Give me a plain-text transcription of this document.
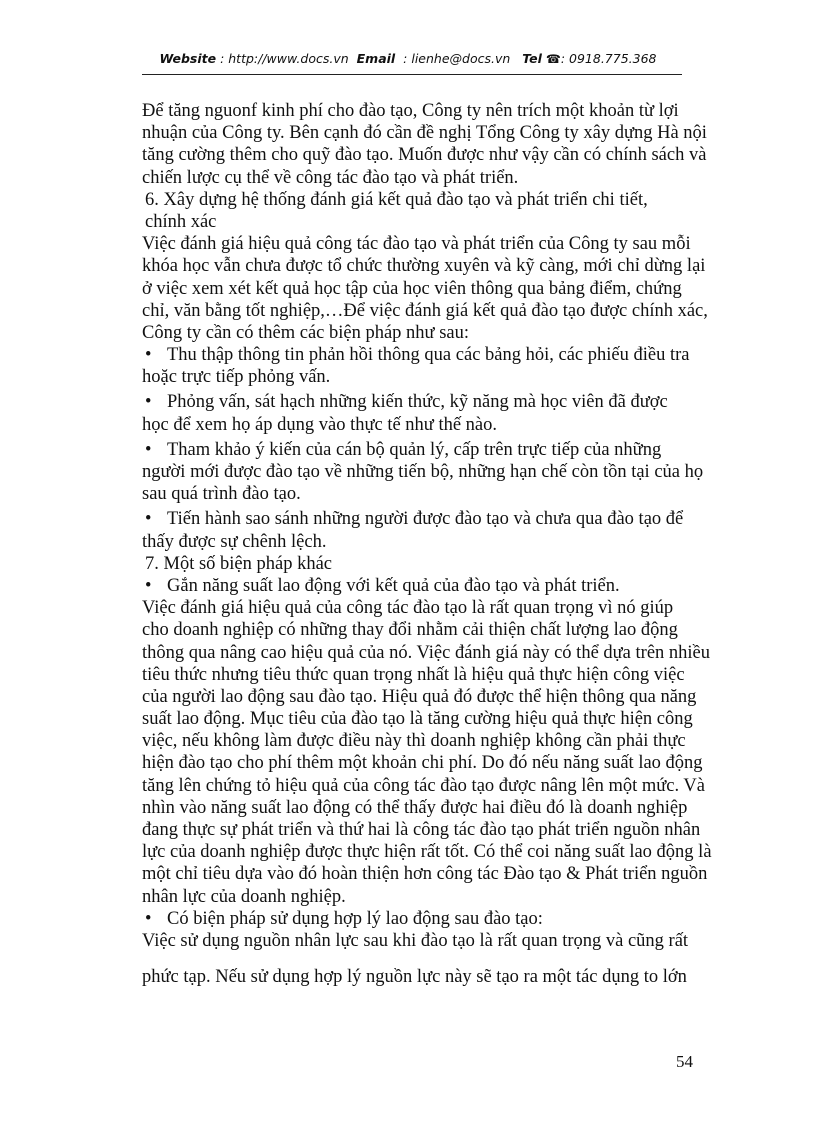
Website : http://www.docs.vn Email : lienhe@docs.vn Tel ☎: 0918.775.368
Để tăng nguonf kinh phí cho đào tạo, Công ty nên trích một khoản từ lợi
nhuận của Công ty. Bên cạnh đó cần đề nghị Tổng Công ty xây dựng Hà nội
tăng cường thêm cho quỹ đào tạo. Muốn được như vậy cần có chính sách và
chiến lược cụ thể về công tác đào tạo và phát triển.
6. Xây dựng hệ thống đánh giá kết quả đào tạo và phát triển chi tiết,
chính xác
Việc đánh giá hiệu quả công tác đào tạo và phát triển của Công ty sau mỗi
khóa học vẫn chưa được tổ chức thường xuyên và kỹ càng, mới chỉ dừng lại
ở việc xem xét kết quả học tập của học viên thông qua bảng điểm, chứng
chỉ, văn bằng tốt nghiệp,…Để việc đánh giá kết quả đào tạo được chính xác,
Công ty cần có thêm các biện pháp như sau:
• Thu thập thông tin phản hồi thông qua các bảng hỏi, các phiếu điều tra
hoặc trực tiếp phỏng vấn.
• Phỏng vấn, sát hạch những kiến thức, kỹ năng mà học viên đã được
học để xem họ áp dụng vào thực tế như thế nào.
• Tham khảo ý kiến của cán bộ quản lý, cấp trên trực tiếp của những
người mới được đào tạo về những tiến bộ, những hạn chế còn tồn tại của họ
sau quá trình đào tạo.
• Tiến hành sao sánh những người được đào tạo và chưa qua đào tạo để
thấy được sự chênh lệch.
7. Một số biện pháp khác
• Gắn năng suất lao động với kết quả của đào tạo và phát triển.
Việc đánh giá hiệu quả của công tác đào tạo là rất quan trọng vì nó giúp
cho doanh nghiệp có những thay đổi nhằm cải thiện chất lượng lao động
thông qua nâng cao hiệu quả của nó. Việc đánh giá này có thể dựa trên nhiều
tiêu thức nhưng tiêu thức quan trọng nhất là hiệu quả thực hiện công việc
của người lao động sau đào tạo. Hiệu quả đó được thể hiện thông qua năng
suất lao động. Mục tiêu của đào tạo là tăng cường hiệu quả thực hiện công
việc, nếu không làm được điều này thì doanh nghiệp không cần phải thực
hiện đào tạo cho phí thêm một khoản chi phí. Do đó nếu năng suất lao động
tăng lên chứng tỏ hiệu quả của công tác đào tạo được nâng lên một mức. Và
nhìn vào năng suất lao động có thể thấy được hai điều đó là doanh nghiệp
đang thực sự phát triển và thứ hai là công tác đào tạo phát triển nguồn nhân
lực của doanh nghiệp được thực hiện rất tốt. Có thể coi năng suất lao động là
một chỉ tiêu dựa vào đó hoàn thiện hơn công tác Đào tạo & Phát triển nguồn
nhân lực của doanh nghiệp.
• Có biện pháp sử dụng hợp lý lao động sau đào tạo:
Việc sử dụng nguồn nhân lực sau khi đào tạo là rất quan trọng và cũng rất
phức tạp. Nếu sử dụng hợp lý nguồn lực này sẽ tạo ra một tác dụng to lớn
54
